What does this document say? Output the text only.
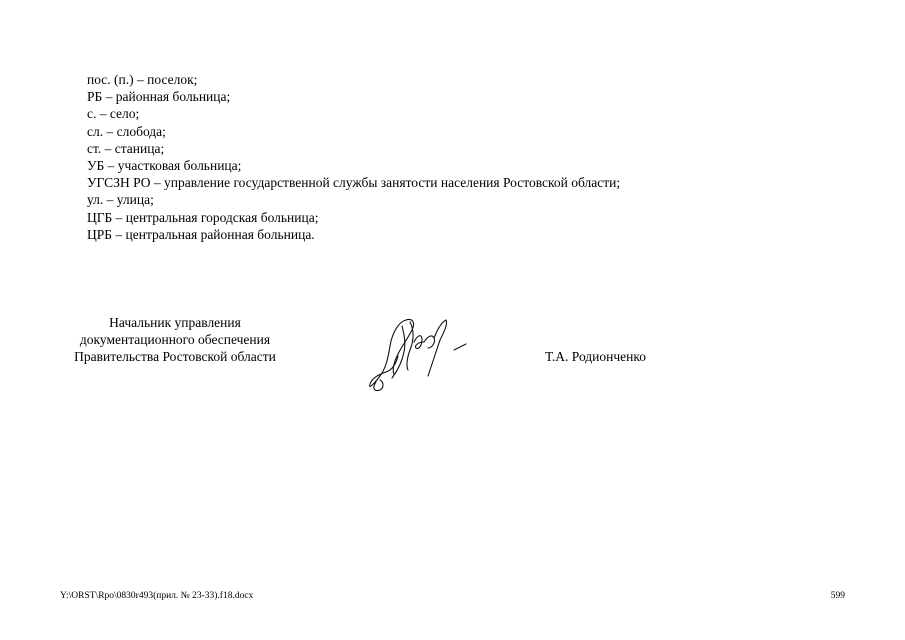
пос. (п.) – поселок;
РБ – районная больница;
с. – село;
сл. – слобода;
ст. – станица;
УБ – участковая больница;
УГСЗН РО – управление государственной службы занятости населения Ростовской области;
ул. – улица;
ЦГБ – центральная городская больница;
ЦРБ – центральная районная больница.
Начальник управления
документационного обеспечения
Правительства Ростовской области	Т.А. Родионченко
Y:\ORST\Rpo\0830r493(прил. № 23-33).f18.docx	599
